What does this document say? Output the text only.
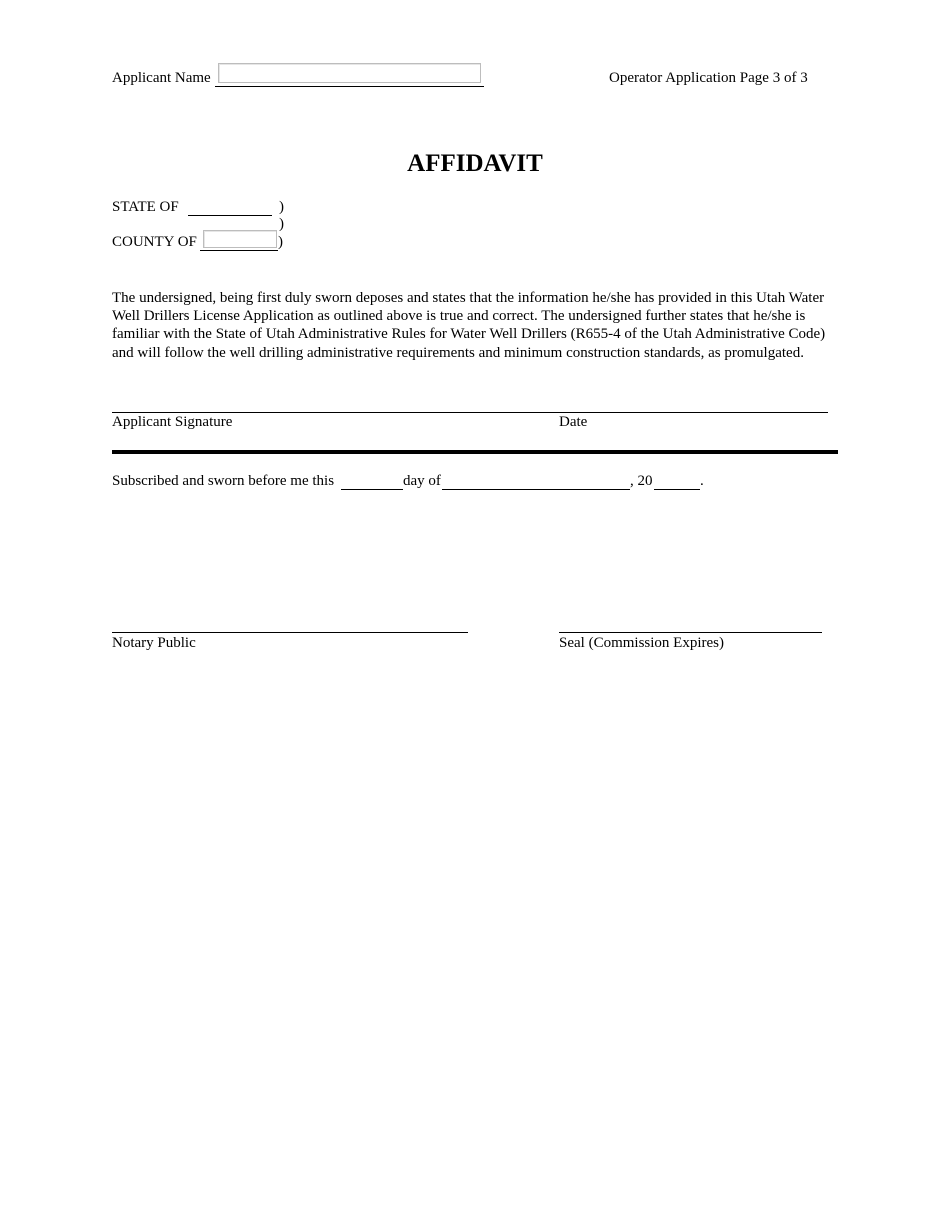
Applicant Name	Operator Application Page 3 of 3
AFFIDAVIT
STATE OF	)
)
COUNTY OF	)
The undersigned, being first duly sworn deposes and states that the information he/she has provided in this Utah Water Well Drillers License Application as outlined above is true and correct. The undersigned further states that he/she is familiar with the State of Utah Administrative Rules for Water Well Drillers (R655-4 of the Utah Administrative Code) and will follow the well drilling administrative requirements and minimum construction standards, as promulgated.
Applicant Signature	Date
Subscribed and sworn before me this	day of	, 20	.
Notary Public	Seal (Commission Expires)
